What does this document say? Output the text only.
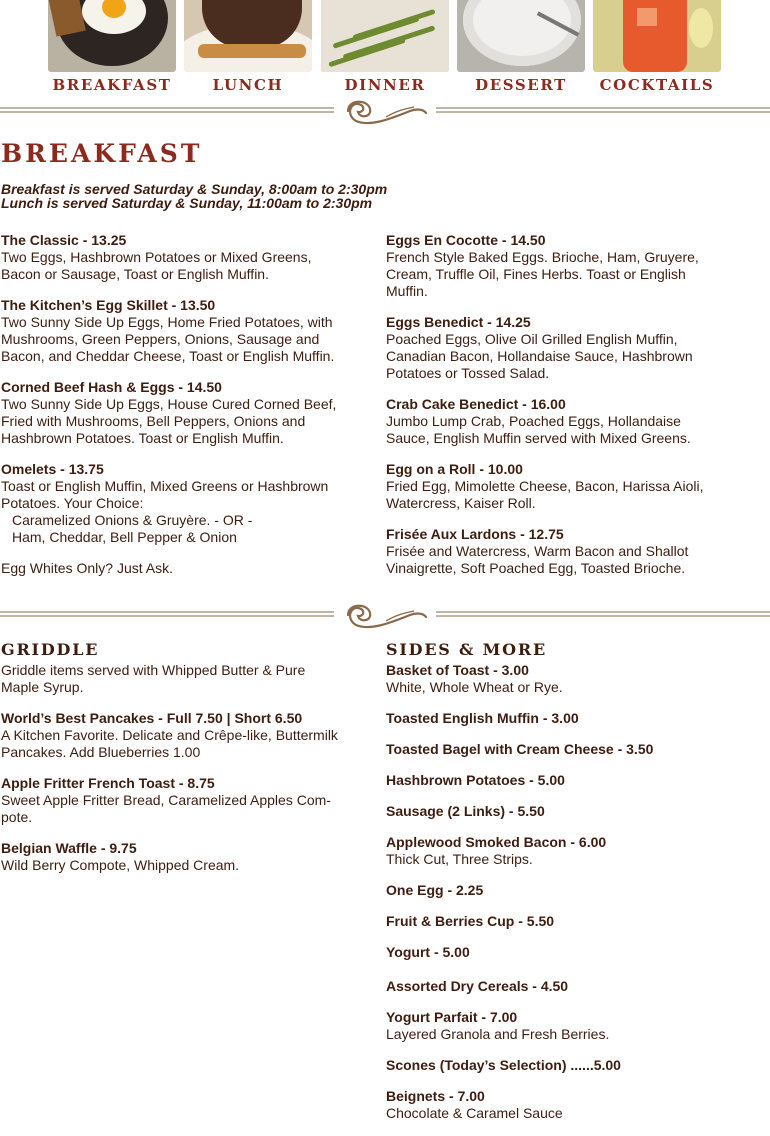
BREAKFAST	LUNCH	DINNER	DESSERT	COCKTAILS
BREAKFAST
Breakfast is served Saturday & Sunday, 8:00am to 2:30pm
Lunch is served Saturday & Sunday, 11:00am to 2:30pm
The Classic - 13.25
Two Eggs, Hashbrown Potatoes or Mixed Greens, Bacon or Sausage, Toast or English Muffin.
The Kitchen’s Egg Skillet - 13.50
Two Sunny Side Up Eggs, Home Fried Potatoes, with Mushrooms, Green Peppers, Onions, Sausage and Bacon, and Cheddar Cheese, Toast or English Muffin.
Corned Beef Hash & Eggs - 14.50
Two Sunny Side Up Eggs, House Cured Corned Beef, Fried with Mushrooms, Bell Peppers, Onions and Hashbrown Potatoes. Toast or English Muffin.
Omelets - 13.75
Toast or English Muffin, Mixed Greens or Hashbrown Potatoes. Your Choice:
Caramelized Onions & Gruyère. - OR -
Ham, Cheddar, Bell Pepper & Onion
Egg Whites Only? Just Ask.
Eggs En Cocotte - 14.50
French Style Baked Eggs. Brioche, Ham, Gruyere, Cream, Truffle Oil, Fines Herbs. Toast or English Muffin.
Eggs Benedict - 14.25
Poached Eggs, Olive Oil Grilled English Muffin, Canadian Bacon, Hollandaise Sauce, Hashbrown Potatoes or Tossed Salad.
Crab Cake Benedict - 16.00
Jumbo Lump Crab, Poached Eggs, Hollandaise Sauce, English Muffin served with Mixed Greens.
Egg on a Roll - 10.00
Fried Egg, Mimolette Cheese, Bacon, Harissa Aioli, Watercress, Kaiser Roll.
Frisée Aux Lardons - 12.75
Frisée and Watercress, Warm Bacon and Shallot Vinaigrette, Soft Poached Egg, Toasted Brioche.
GRIDDLE
Griddle items served with Whipped Butter & Pure Maple Syrup.
World’s Best Pancakes - Full 7.50 | Short 6.50
A Kitchen Favorite. Delicate and Crêpe-like, Buttermilk Pancakes. Add Blueberries 1.00
Apple Fritter French Toast - 8.75
Sweet Apple Fritter Bread, Caramelized Apples Com-pote.
Belgian Waffle - 9.75
Wild Berry Compote, Whipped Cream.
SIDES & MORE
Basket of Toast - 3.00
White, Whole Wheat or Rye.
Toasted English Muffin - 3.00
Toasted Bagel with Cream Cheese - 3.50
Hashbrown Potatoes - 5.00
Sausage (2 Links) - 5.50
Applewood Smoked Bacon - 6.00
Thick Cut, Three Strips.
One Egg - 2.25
Fruit & Berries Cup - 5.50
Yogurt - 5.00
Assorted Dry Cereals - 4.50
Yogurt Parfait - 7.00
Layered Granola and Fresh Berries.
Scones (Today’s Selection) ......5.00
Beignets - 7.00
Chocolate & Caramel Sauce
